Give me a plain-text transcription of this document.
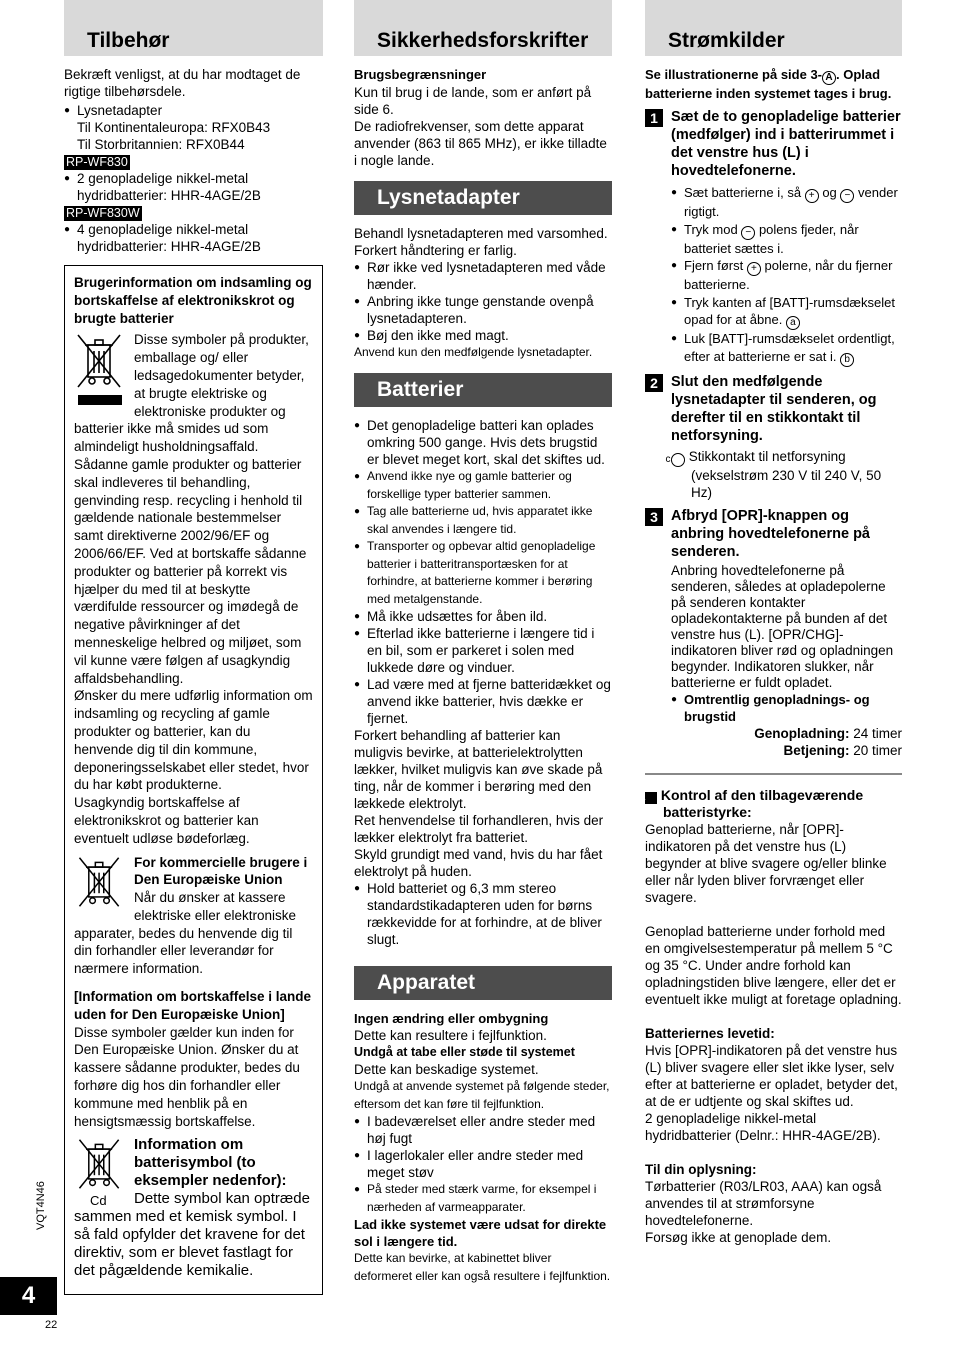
Tilbehør

Bekræft venligst, at du har modtaget de rigtige tilbehørsdele.

● Lysnetadapter

Til Kontinentaleuropa: RFX0B43

Til Storbritannien: RFX0B44

RP-WF830
● 2 genopladelige nikkel-metal hydridbatterier: HHR-4AGE/2B
RP-WF830W
● 4 genopladelige nikkel-metal hydridbatterier: HHR-4AGE/2B

Brugerinformation om indsamling og bortskaffelse af elektronikskrot og brugte batterier

Disse symboler på produkter, emballage og/ eller ledsagedokumenter betyder, at brugte elektriske og elektroniske produkter og batterier ikke må smides ud som almindeligt husholdningsaffald.

Sådanne gamle produkter og batterier skal indleveres til behandling, genvinding resp. recycling i henhold til gældende nationale bestemmelser samt direktiverne 2002/96/EF og 2006/66/EF. Ved at bortskaffe sådanne produkter og batterier på korrekt vis hjælper du med til at beskytte værdifulde ressourcer og imødegå de negative påvirkninger af det menneskelige helbred og miljøet, som vil kunne være følgen af usagkyndig affaldsbehandling.

Ønsker du mere udførlig information om indsamling og recycling af gamle produkter og batterier, kan du henvende dig til din kommune, deponeringsselskabet eller stedet, hvor du har købt produkterne.

Usagkyndig bortskaffelse af elektronikskrot og batterier kan eventuelt udløse bødeforlæg.

For kommercielle brugere i Den Europæiske Union

Når du ønsker at kassere elektriske eller elektroniske apparater, bedes du henvende dig til din forhandler eller leverandør for nærmere information.

[Information om bortskaffelse i lande uden for Den Europæiske Union]

Disse symboler gælder kun inden for Den Europæiske Union. Ønsker du at kassere sådanne produkter, bedes du forhøre dig hos din forhandler eller kommune med henblik på en hensigtsmæssig bortskaffelse.

Cd

Information om batterisymbol (to eksempler nedenfor):

Dette symbol kan optræde sammen med et kemisk symbol. I så fald opfylder det kravene for det direktiv, som er blevet fastlagt for det pågældende kemikalie.

Sikkerhedsforskrifter

Brugsbegrænsninger

Kun til brug i de lande, som er anført på side 6.

De radiofrekvenser, som dette apparat anvender (863 til 865 MHz), er ikke tilladte i nogle lande.

Lysnetadapter

Behandl lysnetadapteren med varsomhed. Forkert håndtering er farlig.

● Rør ikke ved lysnetadapteren med våde hænder.
● Anbring ikke tunge genstande ovenpå lysnetadapteren.
● Bøj den ikke med magt.

Anvend kun den medfølgende lysnetadapter.

Batterier
● Det genopladelige batteri kan oplades omkring 500 gange. Hvis dets brugstid er blevet meget kort, skal det skiftes ud.
● Anvend ikke nye og gamle batterier og forskellige typer batterier sammen.
● Tag alle batterierne ud, hvis apparatet ikke skal anvendes i længere tid.
● Transporter og opbevar altid genopladelige batterier i batteritransportæsken for at forhindre, at batterierne kommer i berøring med metalgenstande.
● Må ikke udsættes for åben ild.
● Efterlad ikke batterierne i længere tid i en bil, som er parkeret i solen med lukkede døre og vinduer.
● Lad være med at fjerne batteridækket og anvend ikke batterier, hvis dække er fjernet.

Forkert behandling af batterier kan muligvis bevirke, at batterielektrolytten lækker, hvilket muligvis kan øve skade på ting, når de kommer i berøring med den lækkede elektrolyt.

Ret henvendelse til forhandleren, hvis der lækker elektrolyt fra batteriet.

Skyld grundigt med vand, hvis du har fået elektrolyt på huden.

● Hold batteriet og 6,3 mm stereo standardstikadapteren uden for børns rækkevidde for at forhindre, at de bliver slugt.
Apparatet

Ingen ændring eller ombygning

Dette kan resultere i fejlfunktion.

Undgå at tabe eller støde til systemet

Dette kan beskadige systemet.

Undgå at anvende systemet på følgende steder, eftersom det kan føre til fejlfunktion.

● I badeværelset eller andre steder med høj fugt
● I lagerlokaler eller andre steder med meget støv
● På steder med stærk varme, for eksempel i nærheden af varmeapparater.

Lad ikke systemet være udsat for direkte sol i længere tid.

Dette kan bevirke, at kabinettet bliver deformeret eller kan også resultere i fejlfunktion.

Strømkilder

Se illustrationerne på side 3- A . Oplad batterierne inden systemet tages i brug.

1 Sæt de to genopladelige batterier (medfølger) ind i batterirummet i det venstre hus (L) i hovedtelefonerne.

● Sæt batterierne i, så + og − vender rigtigt.
● Tryk mod − polens fjeder, når batteriet sættes i.
● Fjern først + polerne, når du fjerner batterierne.
● Tryk kanten af [BATT]-rumsdækselet opad for at åbne. a
● Luk [BATT]-rumsdækselet ordentligt, efter at batterierne er sat i. b
2 Slut den medfølgende lysnetadapter til senderen, og derefter til en stikkontakt til netforsyning.

c Stikkontakt til netforsyning (vekselstrøm 230 V til 240 V, 50 Hz)

3 Afbryd [OPR]-knappen og anbring hovedtelefonerne på senderen.

Anbring hovedtelefonerne på senderen, således at opladepolerne på senderen kontakter opladekontakterne på bunden af det venstre hus (L). [OPR/CHG]-indikatoren bliver rød og opladningen begynder. Indikatoren slukker, når batterierne er fuldt opladet.

● Omtrentlig genopladnings- og brugstid

Genopladning: 24 timer

Betjening: 20 timer

A Kontrol af den tilbageværende batteristyrke:

Genoplad batterierne, når [OPR]-indikatoren på det venstre hus (L) begynder at blive svagere og/eller blinke eller når lyden bliver forvrænget eller svagere.

Genoplad batterierne under forhold med en omgivelsestemperatur på mellem 5 °C og 35 °C. Under andre forhold kan opladningstiden blive længere, eller det er eventuelt ikke muligt at foretage opladning.

Batteriernes levetid:

Hvis [OPR]-indikatoren på det venstre hus (L) bliver svagere eller slet ikke lyser, selv efter at batterierne er opladet, betyder det, at de er udtjente og skal skiftes ud.

2 genopladelige nikkel-metal hydridbatterier (Delnr.: HHR-4AGE/2B).

Til din oplysning:

Tørbatterier (R03/LR03, AAA) kan også anvendes til at strømforsyne hovedtelefonerne.

Forsøg ikke at genoplade dem.

VQT4N46
4
22
